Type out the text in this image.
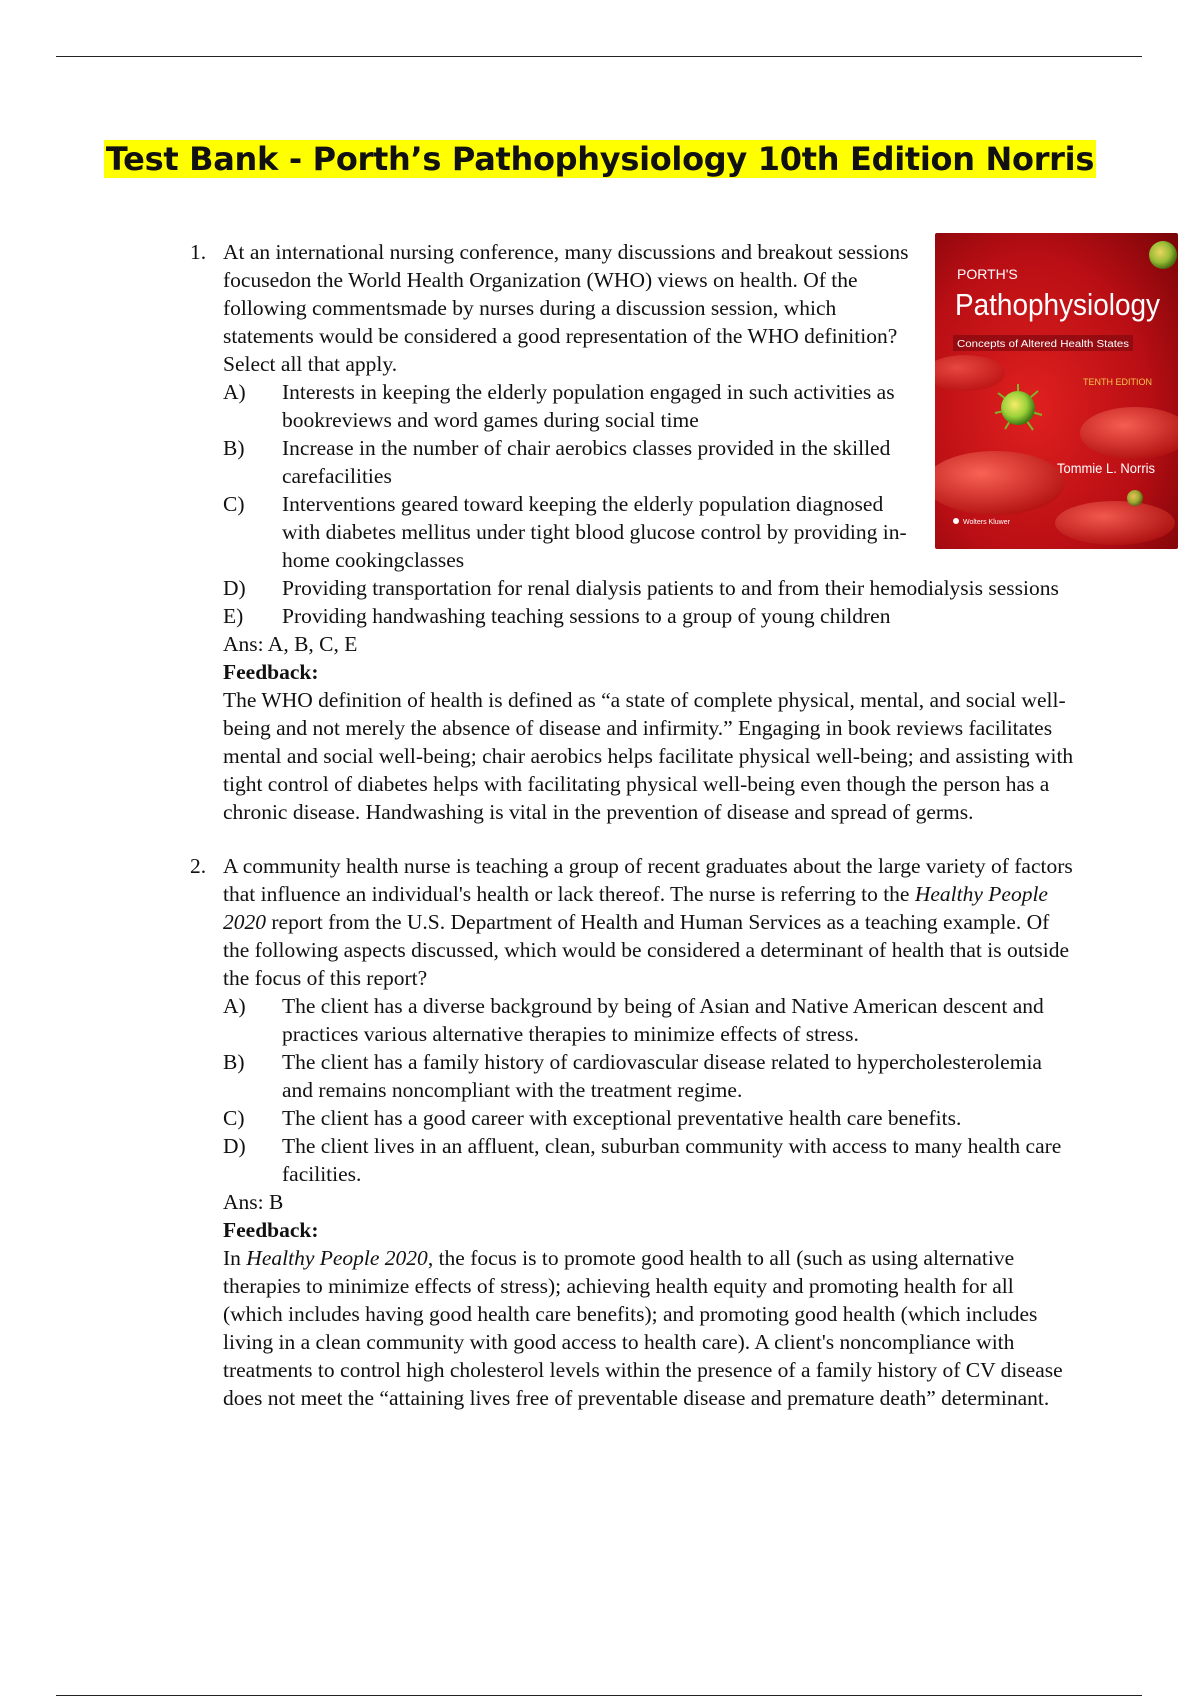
Test Bank - Porth’s Pathophysiology 10th Edition Norris
PORTH'S
Pathophysiology
Concepts of Altered Health States
TENTH EDITION
Tommie L. Norris
Wolters Kluwer
1. At an international nursing conference, many discussions and breakout sessions focusedon the World Health Organization (WHO) views on health. Of the following commentsmade by nurses during a discussion session, which statements would be considered a good representation of the WHO definition? Select all that apply.

A) Interests in keeping the elderly population engaged in such activities as bookreviews and word games during social time
B) Increase in the number of chair aerobics classes provided in the skilled carefacilities
C) Interventions geared toward keeping the elderly population diagnosed with diabetes mellitus under tight blood glucose control by providing in-home cookingclasses
D) Providing transportation for renal dialysis patients to and from their hemodialysis sessions
E) Providing handwashing teaching sessions to a group of young children

Ans: A, B, C, E

Feedback:

The WHO definition of health is defined as “a state of complete physical, mental, and social well-being and not merely the absence of disease and infirmity.” Engaging in book reviews facilitates mental and social well-being; chair aerobics helps facilitate physical well-being; and assisting with tight control of diabetes helps with facilitating physical well-being even though the person has a chronic disease. Handwashing is vital in the prevention of disease and spread of germs.

2. A community health nurse is teaching a group of recent graduates about the large variety of factors that influence an individual's health or lack thereof. The nurse is referring to the Healthy People 2020 report from the U.S. Department of Health and Human Services as a teaching example. Of the following aspects discussed, which would be considered a determinant of health that is outside the focus of this report?

A) The client has a diverse background by being of Asian and Native American descent and practices various alternative therapies to minimize effects of stress.
B) The client has a family history of cardiovascular disease related to hypercholesterolemia and remains noncompliant with the treatment regime.
C) The client has a good career with exceptional preventative health care benefits.
D) The client lives in an affluent, clean, suburban community with access to many health care facilities.

Ans: B

Feedback:

In Healthy People 2020, the focus is to promote good health to all (such as using alternative therapies to minimize effects of stress); achieving health equity and promoting health for all (which includes having good health care benefits); and promoting good health (which includes living in a clean community with good access to health care). A client's noncompliance with treatments to control high cholesterol levels within the presence of a family history of CV disease does not meet the “attaining lives free of preventable disease and premature death” determinant.
